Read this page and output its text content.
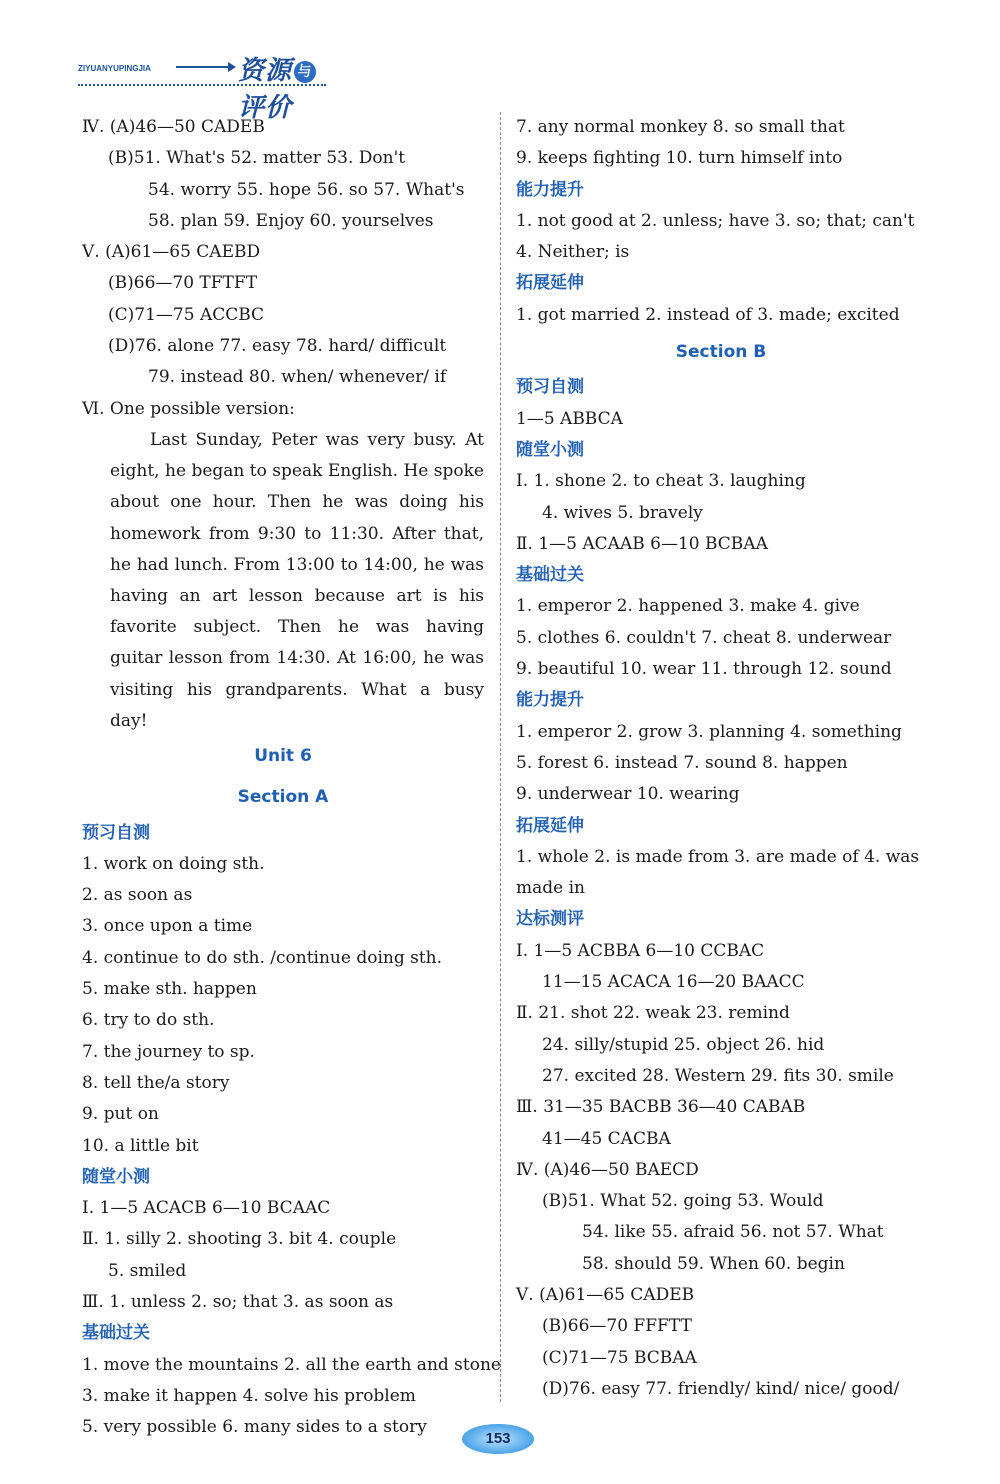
ZIYUANYUPINGJIA	资源 与评价
Ⅳ. (A)46—50 CADEB
(B)51. What's 52. matter 53. Don't
54. worry 55. hope 56. so 57. What's
58. plan 59. Enjoy 60. yourselves
Ⅴ. (A)61—65 CAEBD
(B)66—70 TFTFT
(C)71—75 ACCBC
(D)76. alone 77. easy 78. hard/ difficult
79. instead 80. when/ whenever/ if
Ⅵ. One possible version:

Last Sunday, Peter was very busy. At eight, he began to speak English. He spoke about one hour. Then he was doing his homework from 9:30 to 11:30. After that, he had lunch. From 13:00 to 14:00, he was having an art lesson because art is his favorite subject. Then he was having guitar lesson from 14:30. At 16:00, he was visiting his grandparents. What a busy day!

Unit 6
Section A
预习自测
1. work on doing sth.
2. as soon as
3. once upon a time
4. continue to do sth. /continue doing sth.
5. make sth. happen
6. try to do sth.
7. the journey to sp.
8. tell the/a story
9. put on
10. a little bit
随堂小测
Ⅰ. 1—5 ACACB 6—10 BCAAC
Ⅱ. 1. silly 2. shooting 3. bit 4. couple
5. smiled
Ⅲ. 1. unless 2. so; that 3. as soon as
基础过关
1. move the mountains 2. all the earth and stone
3. make it happen 4. solve his problem
5. very possible 6. many sides to a story
7. any normal monkey 8. so small that
9. keeps fighting 10. turn himself into
能力提升
1. not good at 2. unless; have 3. so; that; can't
4. Neither; is
拓展延伸
1. got married 2. instead of 3. made; excited
Section B
预习自测
1—5 ABBCA
随堂小测
Ⅰ. 1. shone 2. to cheat 3. laughing
4. wives 5. bravely
Ⅱ. 1—5 ACAAB 6—10 BCBAA
基础过关
1. emperor 2. happened 3. make 4. give
5. clothes 6. couldn't 7. cheat 8. underwear
9. beautiful 10. wear 11. through 12. sound
能力提升
1. emperor 2. grow 3. planning 4. something
5. forest 6. instead 7. sound 8. happen
9. underwear 10. wearing
拓展延伸
1. whole 2. is made from 3. are made of 4. was
made in
达标测评
Ⅰ. 1—5 ACBBA 6—10 CCBAC
11—15 ACACA 16—20 BAACC
Ⅱ. 21. shot 22. weak 23. remind
24. silly/stupid 25. object 26. hid
27. excited 28. Western 29. fits 30. smile
Ⅲ. 31—35 BACBB 36—40 CABAB
41—45 CACBA
Ⅳ. (A)46—50 BAECD
(B)51. What 52. going 53. Would
54. like 55. afraid 56. not 57. What
58. should 59. When 60. begin
Ⅴ. (A)61—65 CADEB
(B)66—70 FFFTT
(C)71—75 BCBAA
(D)76. easy 77. friendly/ kind/ nice/ good/
153
